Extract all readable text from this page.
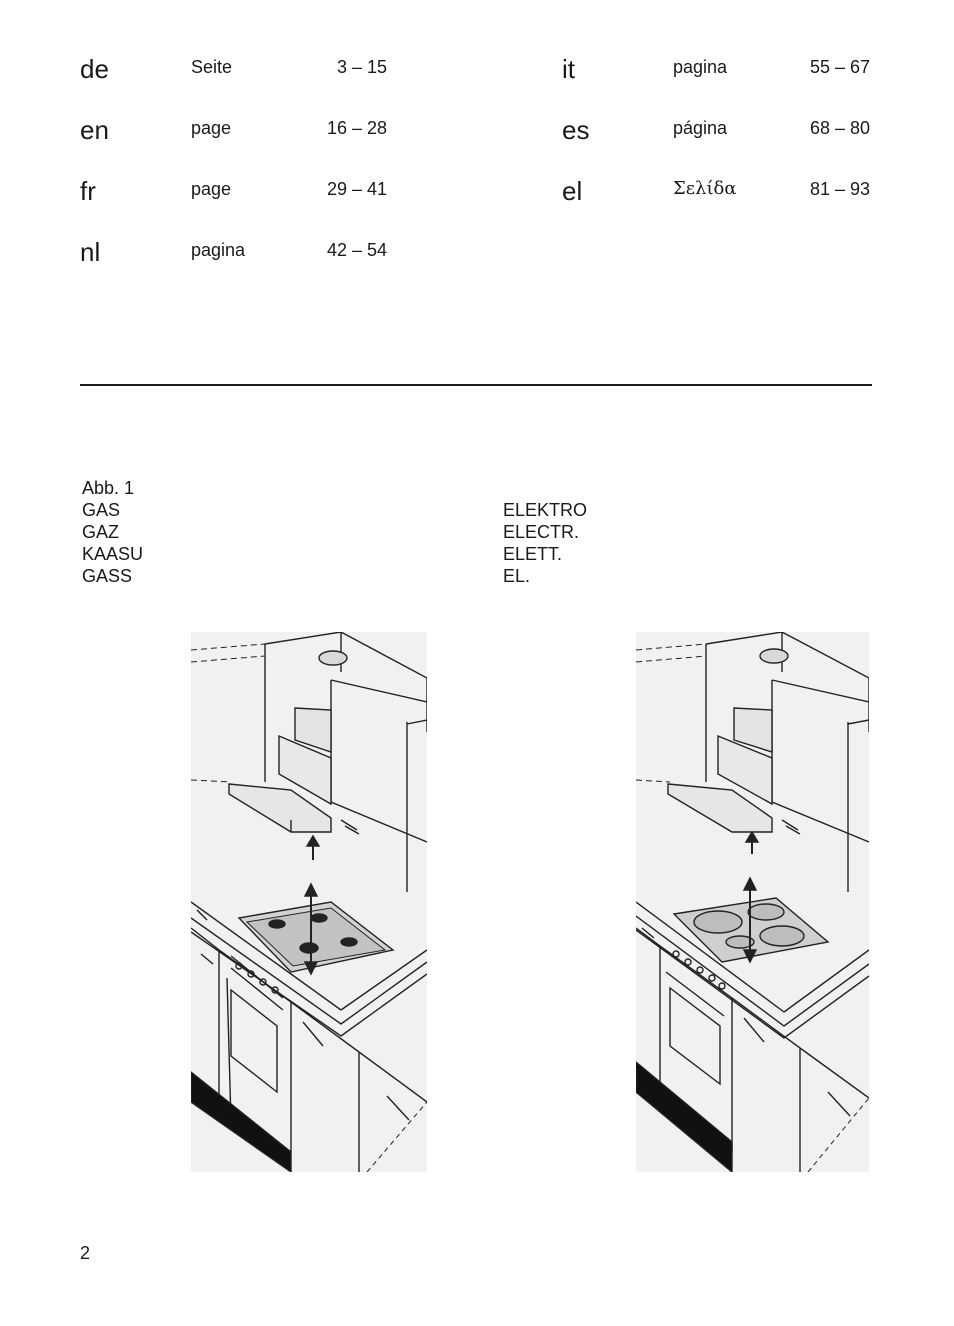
de	Seite	3 – 15
en	page	16 – 28
fr	page	29 – 41
nl	pagina	42 – 54
it	pagina	55 – 67
es	página	68 – 80
el	Σελίδα	81 – 93
Abb. 1
GAS
GAZ
KAASU
GASS
ELEKTRO
ELECTR.
ELETT.
EL.
2
